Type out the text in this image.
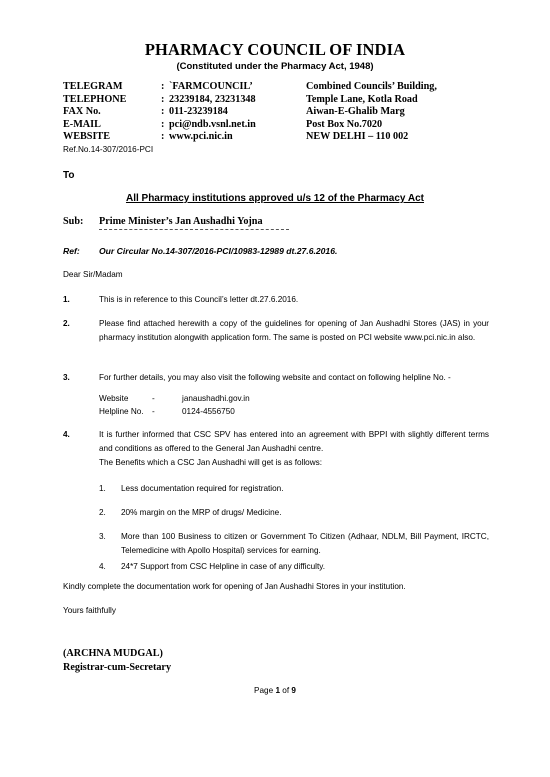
PHARMACY COUNCIL OF INDIA
(Constituted under the Pharmacy Act, 1948)
TELEGRAM	: `FARMCOUNCIL’	Combined Councils’ Building,
TELEPHONE	: 23239184, 23231348	Temple Lane, Kotla Road
FAX No.	: 011-23239184	Aiwan-E-Ghalib Marg
E-MAIL	: pci@ndb.vsnl.net.in	Post Box No.7020
WEBSITE	: www.pci.nic.in	NEW DELHI – 110 002
Ref.No.14-307/2016-PCI
To
All Pharmacy institutions approved u/s 12 of the Pharmacy Act
Sub: Prime Minister’s Jan Aushadhi Yojna
Ref: Our Circular No.14-307/2016-PCI/10983-12989 dt.27.6.2016.
Dear Sir/Madam
1.	This is in reference to this Council’s letter dt.27.6.2016.
2.	Please find attached herewith a copy of the guidelines for opening of Jan Aushadhi Stores (JAS) in your pharmacy institution alongwith application form. The same is posted on PCI website www.pci.nic.in also.
3.	For further details, you may also visit the following website and contact on following helpline No. -
Website	-	janaushadhi.gov.in
Helpline No. -	0124-4556750
4.	It is further informed that CSC SPV has entered into an agreement with BPPI with slightly different terms and conditions as offered to the General Jan Aushadhi centre.
The Benefits which a CSC Jan Aushadhi will get is as follows:
1. Less documentation required for registration.
2. 20% margin on the MRP of drugs/ Medicine.
3. More than 100 Business to citizen or Government To Citizen (Adhaar, NDLM, Bill Payment, IRCTC, Telemedicine with Apollo Hospital) services for earning.
4. 24*7 Support from CSC Helpline in case of any difficulty.
Kindly complete the documentation work for opening of Jan Aushadhi Stores in your institution.
Yours faithfully
(ARCHNA MUDGAL)
Registrar-cum-Secretary
Page 1 of 9
